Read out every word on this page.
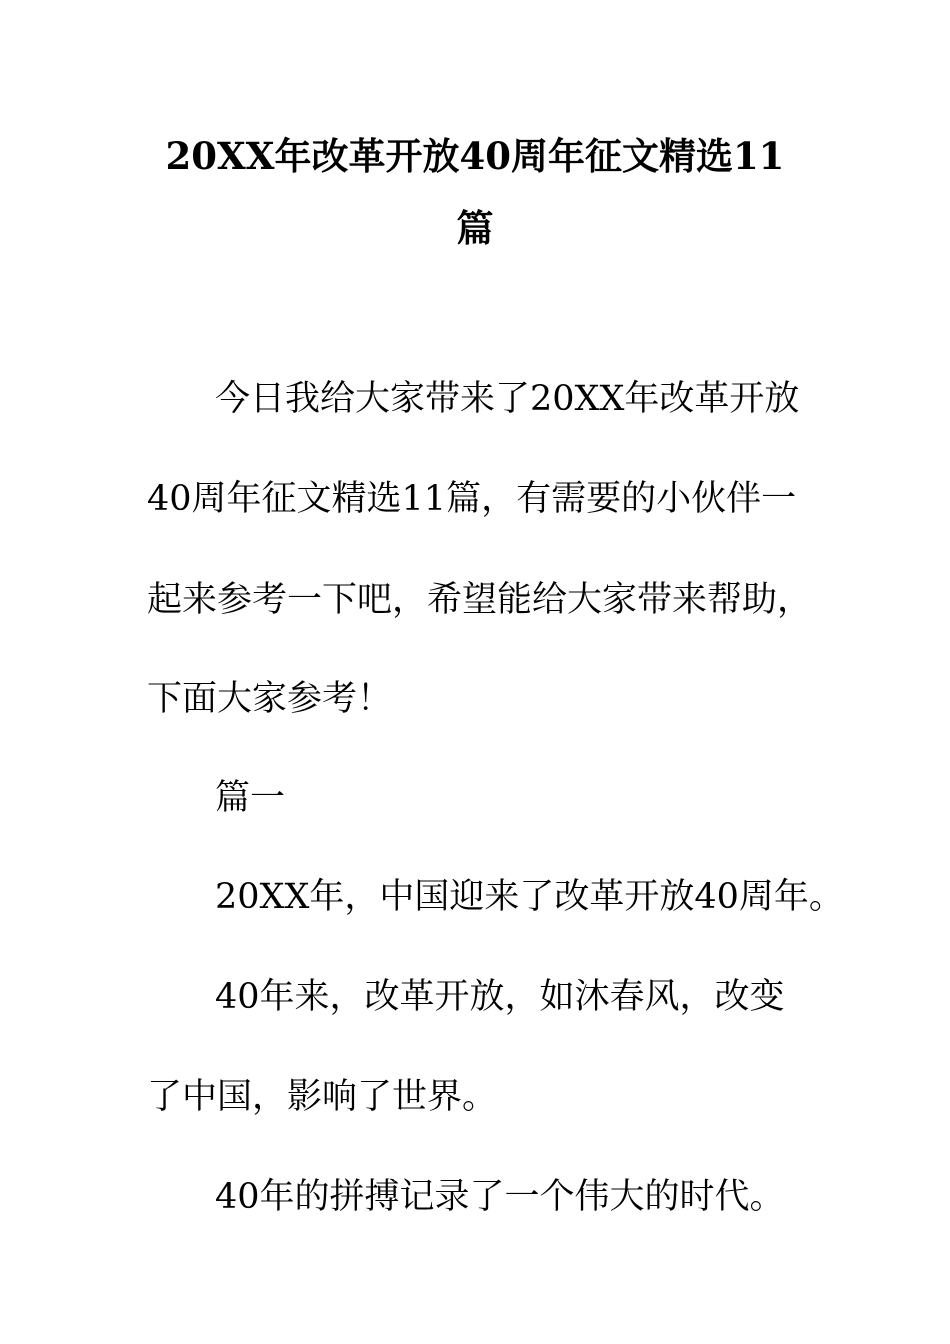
20XX年改革开放40周年征文精选11
篇
今日我给大家带来了20XX年改革开放
40周年征文精选11篇，有需要的小伙伴一
起来参考一下吧，希望能给大家带来帮助，
下面大家参考！
篇一
20XX年，中国迎来了改革开放40周年。
40年来，改革开放，如沐春风，改变
了中国，影响了世界。
40年的拼搏记录了一个伟大的时代。
